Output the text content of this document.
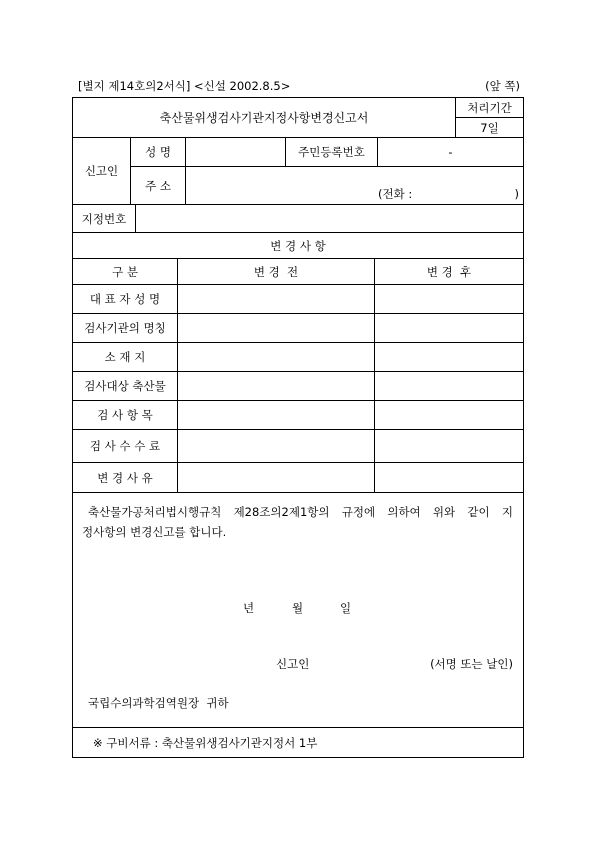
[별지 제14호의2서식] <신설 2002.8.5>	(앞 쪽)
축산물위생검사기관지정사항변경신고서
처리기간
7일
신고인
성 명	주민등록번호	-
주 소
(전화 :	)
지정번호
변 경 사 항
구 분	변 경  전	변 경  후
대 표 자 성 명
검사기관의 명칭
소 재 지
검사대상 축산물
검 사 항 목
검 사 수 수 료
변 경 사 유

축산물가공처리법시행규칙 제28조의2제1항의 규정에 의하여 위와 같이 지

정사항의 변경신고를 합니다.

년

	월

	일

신고인

	(서명 또는 날인)

국립수의과학검역원장  귀하

※ 구비서류 : 축산물위생검사기관지정서 1부
